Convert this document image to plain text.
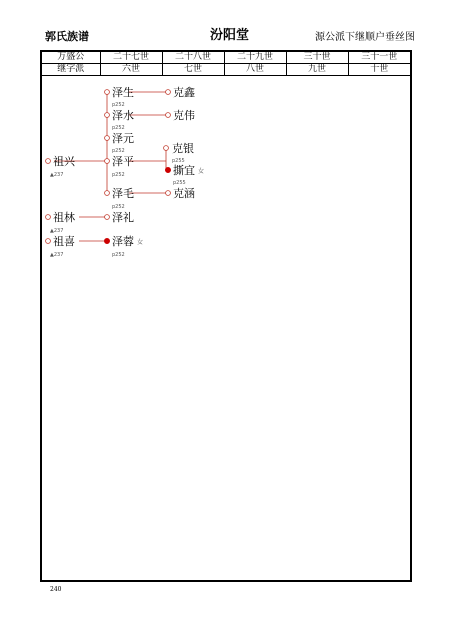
郭氏族谱	汾阳堂	源公派下继顺户垂丝图
万盛公	二十七世	二十八世	二十九世	三十世	三十一世
继字派	六世	七世	八世	九世	十世
祖兴
▲237
祖林
▲237
祖喜
▲237
泽生
p252
泽水
p252
泽元
p252
泽平
p252
泽毛
p252
泽礼
泽蓉 女
p252
克鑫
克伟
克银
p255
撕宜 女
p255
克涵
240
